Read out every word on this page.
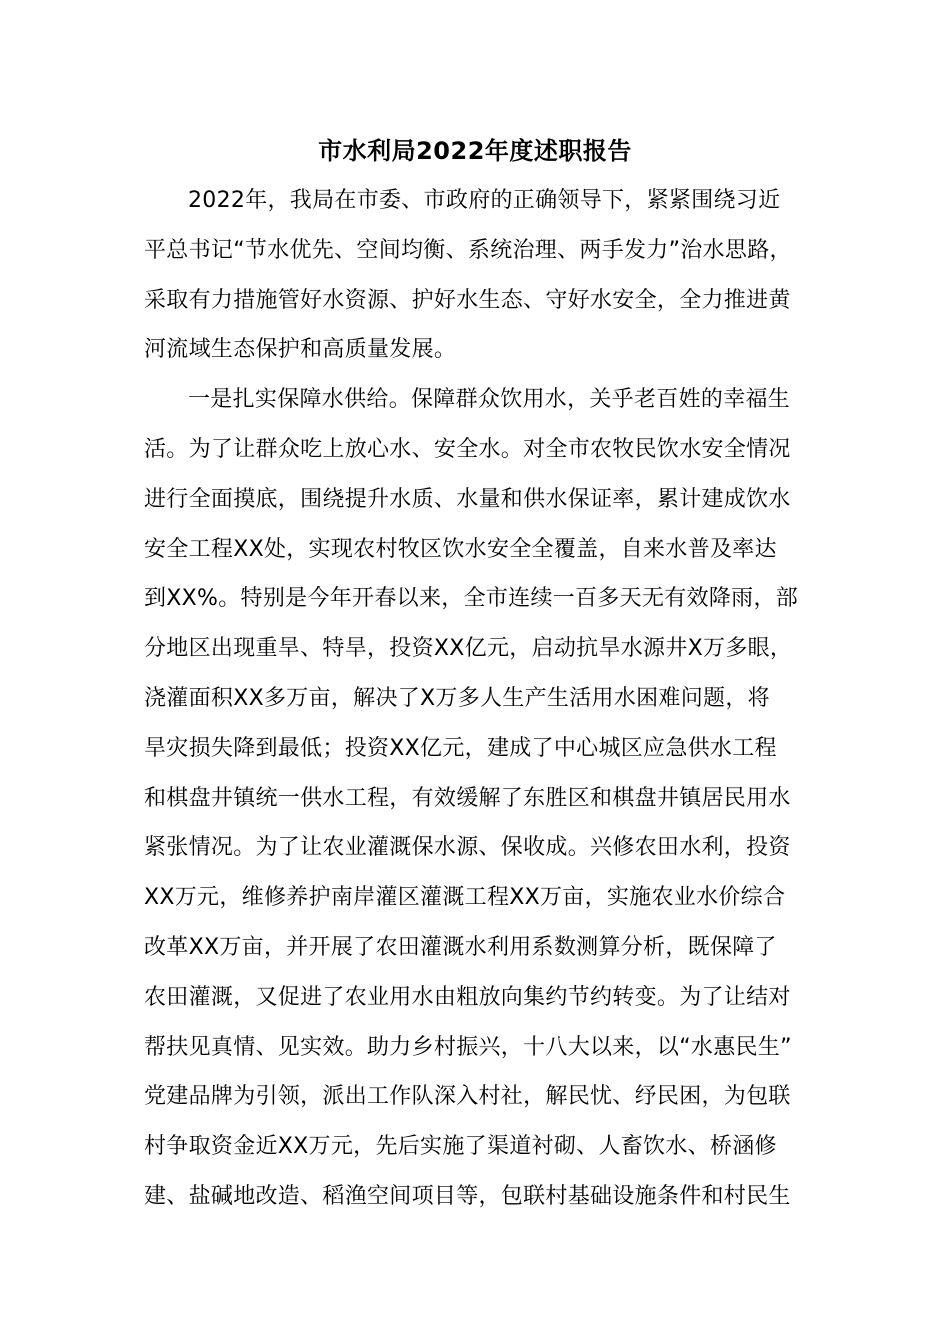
市水利局2022年度述职报告
2022年，我局在市委、市政府的正确领导下，紧紧围绕习近
平总书记“节水优先、空间均衡、系统治理、两手发力”治水思路，
采取有力措施管好水资源、护好水生态、守好水安全，全力推进黄
河流域生态保护和高质量发展。
一是扎实保障水供给。保障群众饮用水，关乎老百姓的幸福生
活。为了让群众吃上放心水、安全水。对全市农牧民饮水安全情况
进行全面摸底，围绕提升水质、水量和供水保证率，累计建成饮水
安全工程XX处，实现农村牧区饮水安全全覆盖，自来水普及率达
到XX%。特别是今年开春以来，全市连续一百多天无有效降雨，部
分地区出现重旱、特旱，投资XX亿元，启动抗旱水源井X万多眼，
浇灌面积XX多万亩，解决了X万多人生产生活用水困难问题，将
旱灾损失降到最低；投资XX亿元，建成了中心城区应急供水工程
和棋盘井镇统一供水工程，有效缓解了东胜区和棋盘井镇居民用水
紧张情况。为了让农业灌溉保水源、保收成。兴修农田水利，投资
XX万元，维修养护南岸灌区灌溉工程XX万亩，实施农业水价综合
改革XX万亩，并开展了农田灌溉水利用系数测算分析，既保障了
农田灌溉，又促进了农业用水由粗放向集约节约转变。为了让结对
帮扶见真情、见实效。助力乡村振兴，十八大以来，以“水惠民生”
党建品牌为引领，派出工作队深入村社，解民忧、纾民困，为包联
村争取资金近XX万元，先后实施了渠道衬砌、人畜饮水、桥涵修
建、盐碱地改造、稻渔空间项目等，包联村基础设施条件和村民生
